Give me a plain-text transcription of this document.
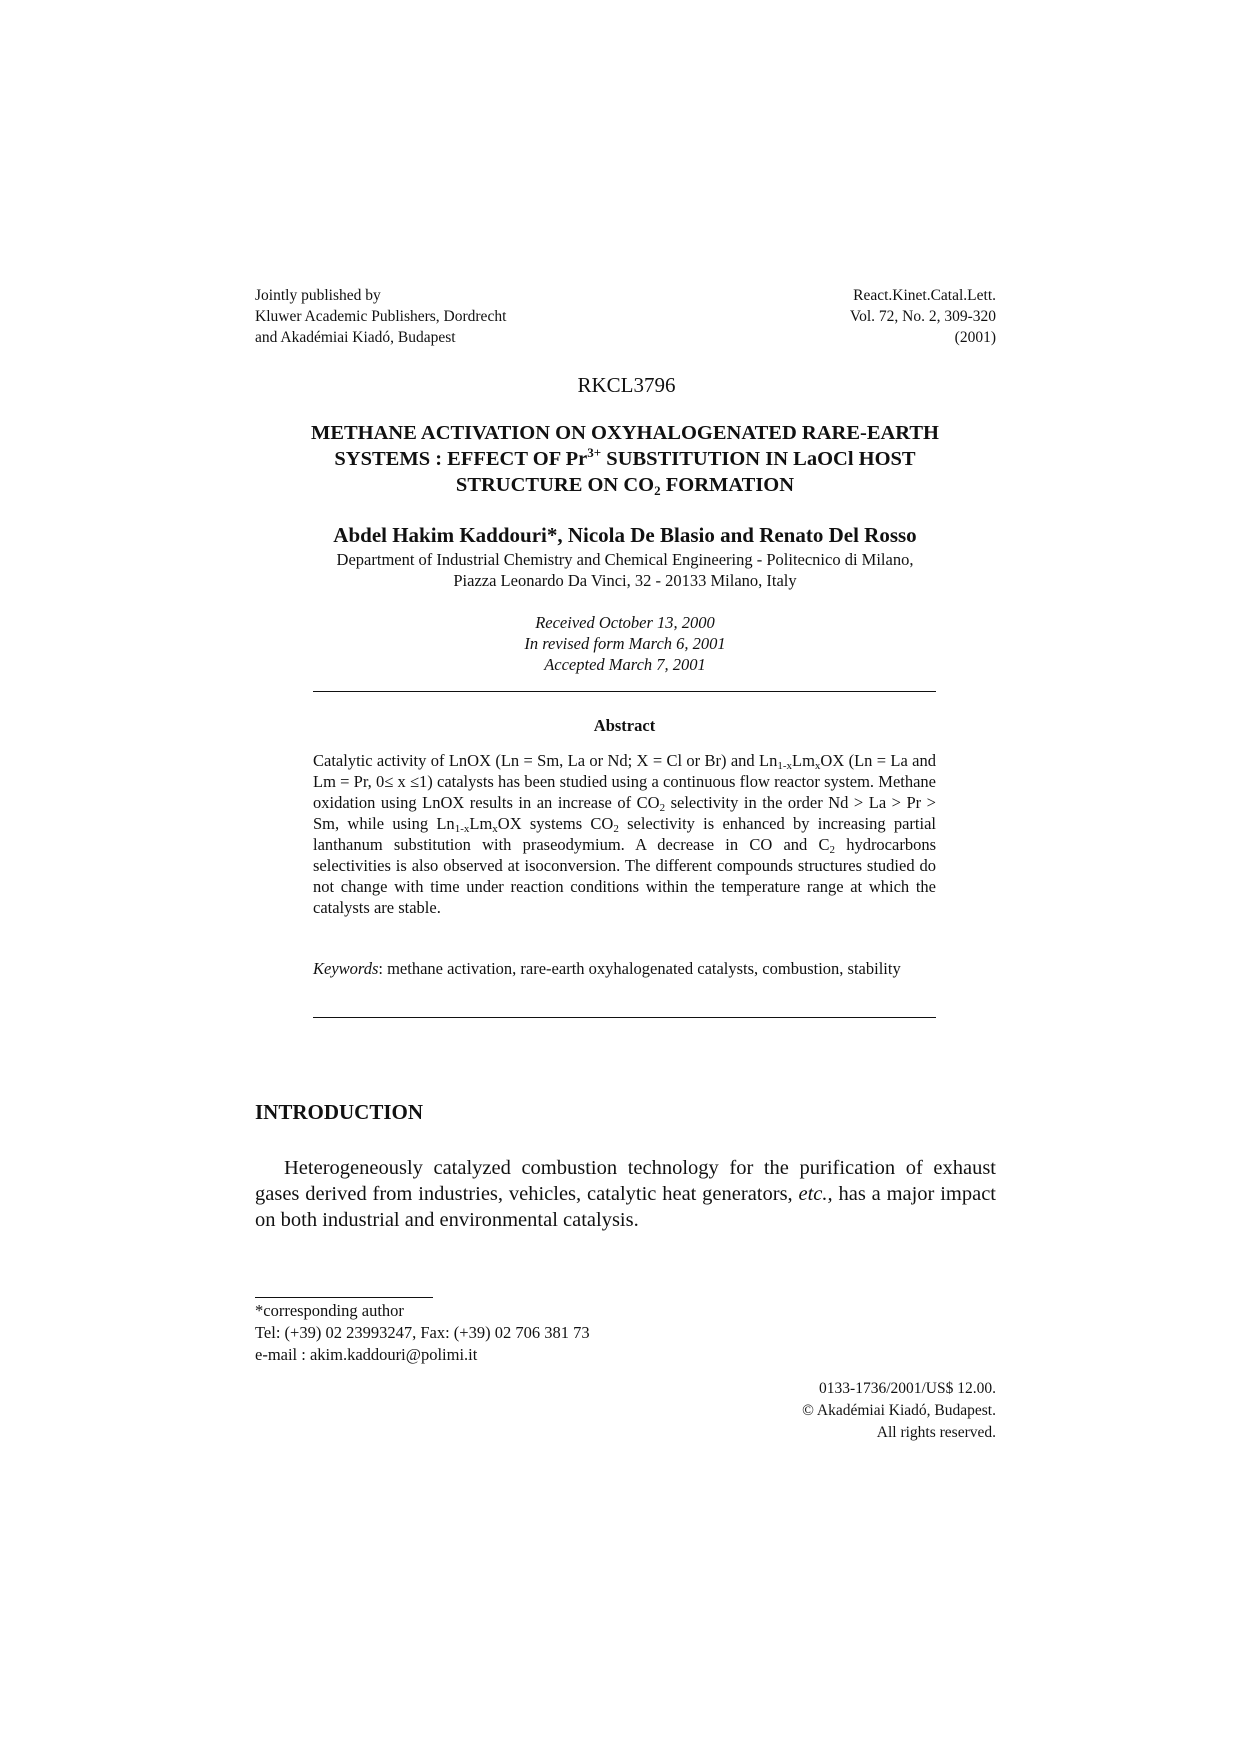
Jointly published by
Kluwer Academic Publishers, Dordrecht
and Akadémiai Kiadó, Budapest
React.Kinet.Catal.Lett.
Vol. 72, No. 2, 309-320
(2001)
RKCL3796
METHANE ACTIVATION ON OXYHALOGENATED RARE-EARTH
SYSTEMS : EFFECT OF $Pr^{3+}$ SUBSTITUTION IN LaOCl HOST
STRUCTURE ON $CO_2$ FORMATION
Abdel Hakim Kaddouri*, Nicola De Blasio and Renato Del Rosso
Department of Industrial Chemistry and Chemical Engineering - Politecnico di Milano,
Piazza Leonardo Da Vinci, 32 - 20133 Milano, Italy
Received October 13, 2000
In revised form March 6, 2001
Accepted March 7, 2001
Abstract
Catalytic activity of LnOX (Ln = Sm, La or Nd; X = Cl or Br) and $Ln_{1-x}Lm_xOX$ (Ln = La and Lm = Pr, 0≤ x ≤1) catalysts has been studied using a continuous flow reactor system. Methane oxidation using LnOX results in an increase of $CO_2$ selectivity in the order Nd > La > Pr > Sm, while using $Ln_{1-x}Lm_xOX$ systems $CO_2$ selectivity is enhanced by increasing partial lanthanum substitution with praseodymium. A decrease in CO and $C_2$ hydrocarbons selectivities is also observed at isoconversion. The different compounds structures studied do not change with time under reaction conditions within the temperature range at which the catalysts are stable.
Keywords: methane activation, rare-earth oxyhalogenated catalysts, combustion, stability
INTRODUCTION
Heterogeneously catalyzed combustion technology for the purification of exhaust gases derived from industries, vehicles, catalytic heat generators, etc., has a major impact on both industrial and environmental catalysis.
*corresponding author
Tel: (+39) 02 23993247, Fax: (+39) 02 706 381 73
e-mail : akim.kaddouri@polimi.it
0133-1736/2001/US$ 12.00.
© Akadémiai Kiadó, Budapest.
All rights reserved.
